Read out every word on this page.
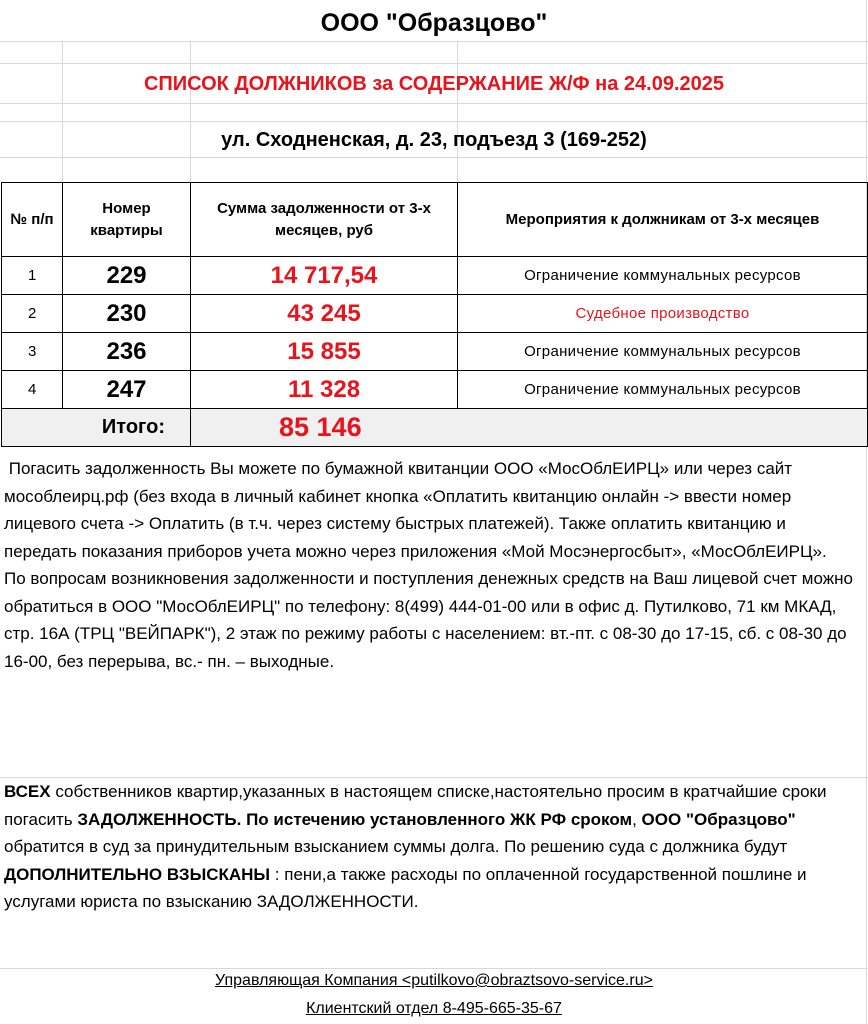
ООО "Образцово"
СПИСОК ДОЛЖНИКОВ за СОДЕРЖАНИЕ Ж/Ф на 24.09.2025
ул. Сходненская, д. 23, подъезд 3 (169-252)
№ п/п	Номер квартиры	Сумма задолженности от 3-х месяцев, руб	Мероприятия к должникам от 3-х месяцев
1	229	14 717,54	Ограничение коммунальных ресурсов
2	230	43 245	Судебное производство
3	236	15 855	Ограничение коммунальных ресурсов
4	247	11 328	Ограничение коммунальных ресурсов
Итого:		85 146	
Погасить задолженность Вы можете по бумажной квитанции ООО «МосОблЕИРЦ» или через сайт мособлеирц.рф (без входа в личный кабинет кнопка «Оплатить квитанцию онлайн -> ввести номер лицевого счета -> Оплатить (в т.ч. через систему быстрых платежей). Также оплатить квитанцию и передать показания приборов учета можно через приложения «Мой Мосэнергосбыт», «МосОблЕИРЦ».
По вопросам возникновения задолженности и поступления денежных средств на Ваш лицевой счет можно обратиться в ООО "МосОблЕИРЦ" по телефону: 8(499) 444-01-00 или в офис д. Путилково, 71 км МКАД, стр. 16А (ТРЦ "ВЕЙПАРК"), 2 этаж по режиму работы с населением: вт.-пт. с 08-30 до 17-15, сб. с 08-30 до 16-00, без перерыва, вс.- пн. – выходные.
ВСЕХ собственников квартир,указанных в настоящем списке,настоятельно просим в кратчайшие сроки погасить ЗАДОЛЖЕННОСТЬ. По истечению установленного ЖК РФ сроком, ООО "Образцово" обратится в суд за принудительным взысканием суммы долга. По решению суда с должника будут ДОПОЛНИТЕЛЬНО ВЗЫСКАНЫ : пени,а также расходы по оплаченной государственной пошлине и услугами юриста по взысканию ЗАДОЛЖЕННОСТИ.
Управляющая Компания <putilkovo@obraztsovo-service.ru>
Клиентский отдел 8-495-665-35-67
